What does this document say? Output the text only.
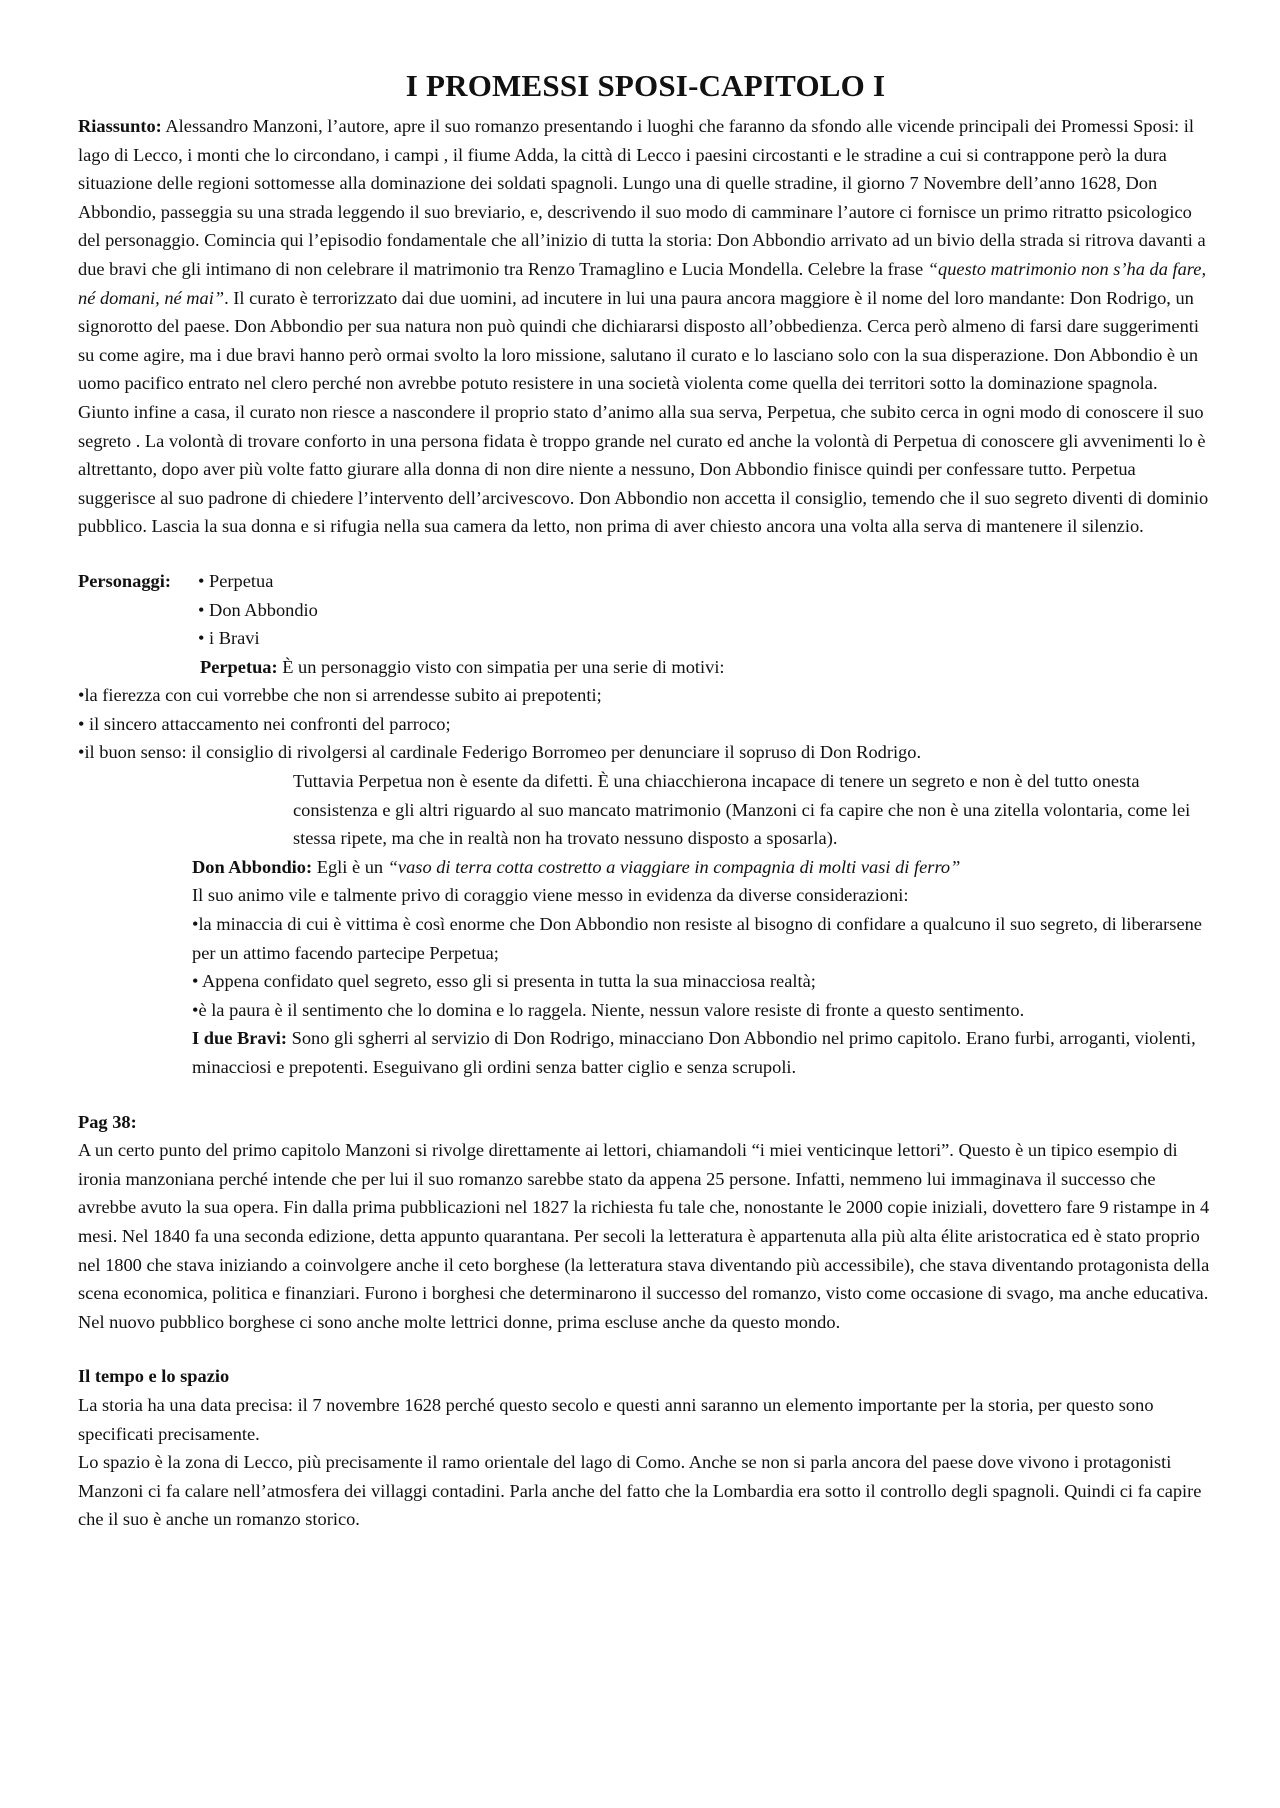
I PROMESSI SPOSI-CAPITOLO I

Riassunto: Alessandro Manzoni, l’autore, apre il suo romanzo presentando i luoghi che faranno da sfondo alle vicende principali dei Promessi Sposi: il lago di Lecco, i monti che lo circondano, i campi , il fiume Adda, la città di Lecco i paesini circostanti e le stradine a cui si contrappone però la dura situazione delle regioni sottomesse alla dominazione dei soldati spagnoli. Lungo una di quelle stradine, il giorno 7 Novembre dell’anno 1628, Don Abbondio, passeggia su una strada leggendo il suo breviario, e, descrivendo il suo modo di camminare l’autore ci fornisce un primo ritratto psicologico del personaggio. Comincia qui l’episodio fondamentale che all’inizio di tutta la storia: Don Abbondio arrivato ad un bivio della strada si ritrova davanti a due bravi che gli intimano di non celebrare il matrimonio tra Renzo Tramaglino e Lucia Mondella. Celebre la frase “questo matrimonio non s’ha da fare, né domani, né mai”. Il curato è terrorizzato dai due uomini, ad incutere in lui una paura ancora maggiore è il nome del loro mandante: Don Rodrigo, un signorotto del paese. Don Abbondio per sua natura non può quindi che dichiararsi disposto all’obbedienza. Cerca però almeno di farsi dare suggerimenti su come agire, ma i due bravi hanno però ormai svolto la loro missione, salutano il curato e lo lasciano solo con la sua disperazione. Don Abbondio è un uomo pacifico entrato nel clero perché non avrebbe potuto resistere in una società violenta come quella dei territori sotto la dominazione spagnola. Giunto infine a casa, il curato non riesce a nascondere il proprio stato d’animo alla sua serva, Perpetua, che subito cerca in ogni modo di conoscere il suo segreto . La volontà di trovare conforto in una persona fidata è troppo grande nel curato ed anche la volontà di Perpetua di conoscere gli avvenimenti lo è altrettanto, dopo aver più volte fatto giurare alla donna di non dire niente a nessuno, Don Abbondio finisce quindi per confessare tutto. Perpetua suggerisce al suo padrone di chiedere l’intervento dell’arcivescovo. Don Abbondio non accetta il consiglio, temendo che il suo segreto diventi di dominio pubblico. Lascia la sua donna e si rifugia nella sua camera da letto, non prima di aver chiesto ancora una volta alla serva di mantenere il silenzio.

Personaggi:	• Perpetua
• Don Abbondio
• i Bravi

Perpetua: È un personaggio visto con simpatia per una serie di motivi:

•la fierezza con cui vorrebbe che non si arrendesse subito ai prepotenti;

• il sincero attaccamento nei confronti del parroco;

•il buon senso: il consiglio di rivolgersi al cardinale Federigo Borromeo per denunciare il sopruso di Don Rodrigo.

Tuttavia Perpetua non è esente da difetti. È una chiacchierona incapace di tenere un segreto e non è del tutto onesta consistenza e gli altri riguardo al suo mancato matrimonio (Manzoni ci fa capire che non è una zitella volontaria, come lei stessa ripete, ma che in realtà non ha trovato nessuno disposto a sposarla).

Don Abbondio: Egli è un “vaso di terra cotta costretto a viaggiare in compagnia di molti vasi di ferro”

Il suo animo vile e talmente privo di coraggio viene messo in evidenza da diverse considerazioni:

•la minaccia di cui è vittima è così enorme che Don Abbondio non resiste al bisogno di confidare a qualcuno il suo segreto, di liberarsene per un attimo facendo partecipe Perpetua;

• Appena confidato quel segreto, esso gli si presenta in tutta la sua minacciosa realtà;

•è la paura è il sentimento che lo domina e lo raggela. Niente, nessun valore resiste di fronte a questo sentimento.

I due Bravi: Sono gli sgherri al servizio di Don Rodrigo, minacciano Don Abbondio nel primo capitolo. Erano furbi, arroganti, violenti, minacciosi e prepotenti. Eseguivano gli ordini senza batter ciglio e senza scrupoli.

Pag 38:

A un certo punto del primo capitolo Manzoni si rivolge direttamente ai lettori, chiamandoli “i miei venticinque lettori”. Questo è un tipico esempio di ironia manzoniana perché intende che per lui il suo romanzo sarebbe stato da appena 25 persone. Infatti, nemmeno lui immaginava il successo che avrebbe avuto la sua opera. Fin dalla prima pubblicazioni nel 1827 la richiesta fu tale che, nonostante le 2000 copie iniziali, dovettero fare 9 ristampe in 4 mesi. Nel 1840 fa una seconda edizione, detta appunto quarantana. Per secoli la letteratura è appartenuta alla più alta élite aristocratica ed è stato proprio nel 1800 che stava iniziando a coinvolgere anche il ceto borghese (la letteratura stava diventando più accessibile), che stava diventando protagonista della scena economica, politica e finanziari. Furono i borghesi che determinarono il successo del romanzo, visto come occasione di svago, ma anche educativa. Nel nuovo pubblico borghese ci sono anche molte lettrici donne, prima escluse anche da questo mondo.

Il tempo e lo spazio

La storia ha una data precisa: il 7 novembre 1628 perché questo secolo e questi anni saranno un elemento importante per la storia, per questo sono specificati precisamente.

Lo spazio è la zona di Lecco, più precisamente il ramo orientale del lago di Como. Anche se non si parla ancora del paese dove vivono i protagonisti Manzoni ci fa calare nell’atmosfera dei villaggi contadini. Parla anche del fatto che la Lombardia era sotto il controllo degli spagnoli. Quindi ci fa capire che il suo è anche un romanzo storico.
